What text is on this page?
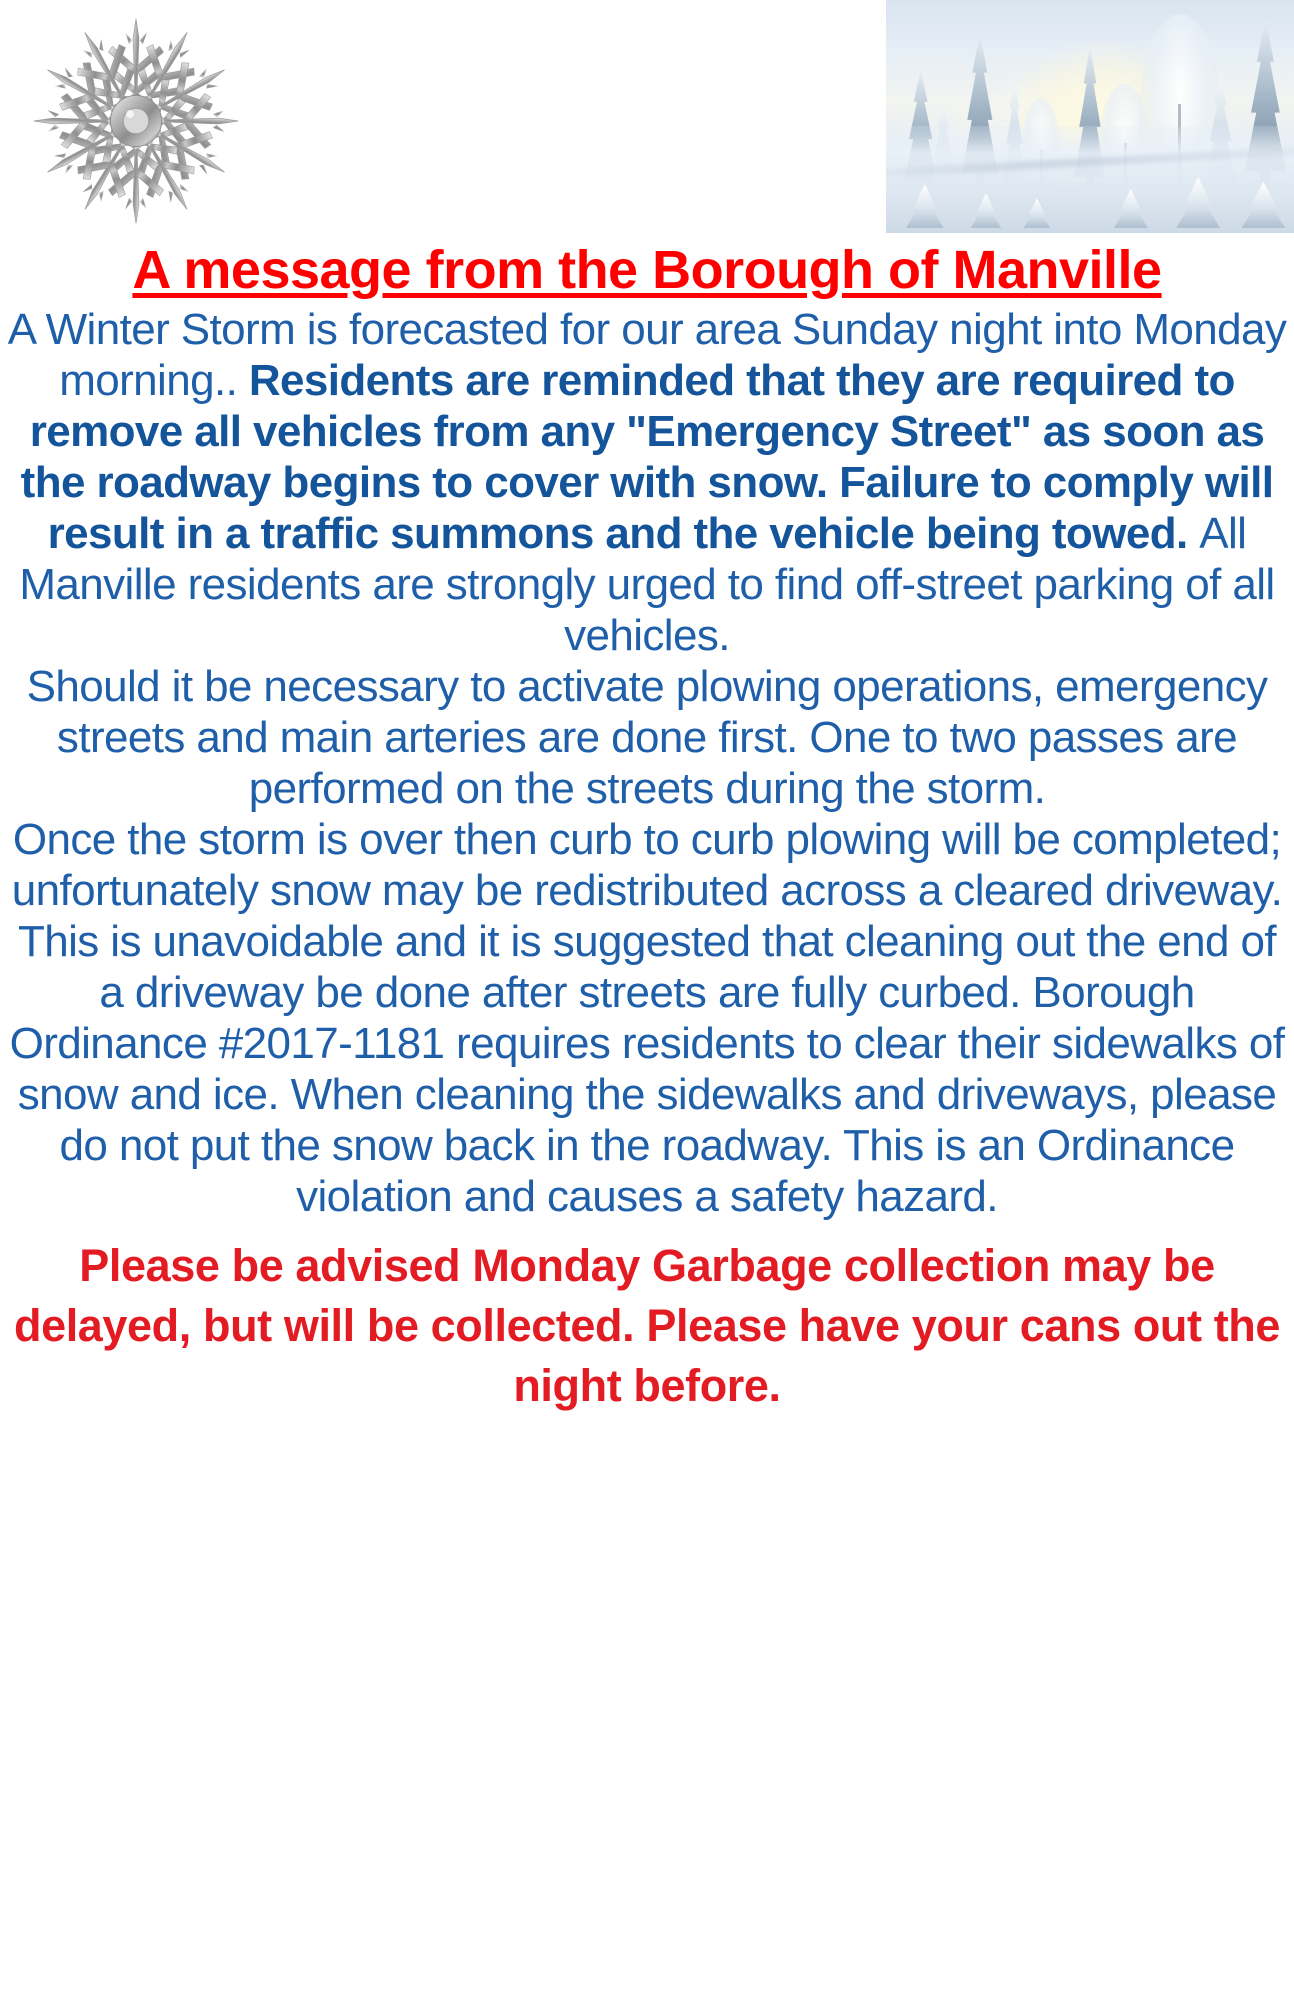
A message from the Borough of Manville

A Winter Storm is forecasted for our area Sunday night into Monday morning.. Residents are reminded that they are required to remove all vehicles from any "Emergency Street" as soon as the roadway begins to cover with snow. Failure to comply will result in a traffic summons and the vehicle being towed. All Manville residents are strongly urged to find off-street parking of all vehicles.

Should it be necessary to activate plowing operations, emergency streets and main arteries are done first. One to two passes are performed on the streets during the storm.

Once the storm is over then curb to curb plowing will be completed; unfortunately snow may be redistributed across a cleared driveway. This is unavoidable and it is suggested that cleaning out the end of a driveway be done after streets are fully curbed. Borough Ordinance #2017-1181 requires residents to clear their sidewalks of snow and ice. When cleaning the sidewalks and driveways, please do not put the snow back in the roadway. This is an Ordinance violation and causes a safety hazard.

Please be advised Monday Garbage collection may be delayed, but will be collected. Please have your cans out the night before.
